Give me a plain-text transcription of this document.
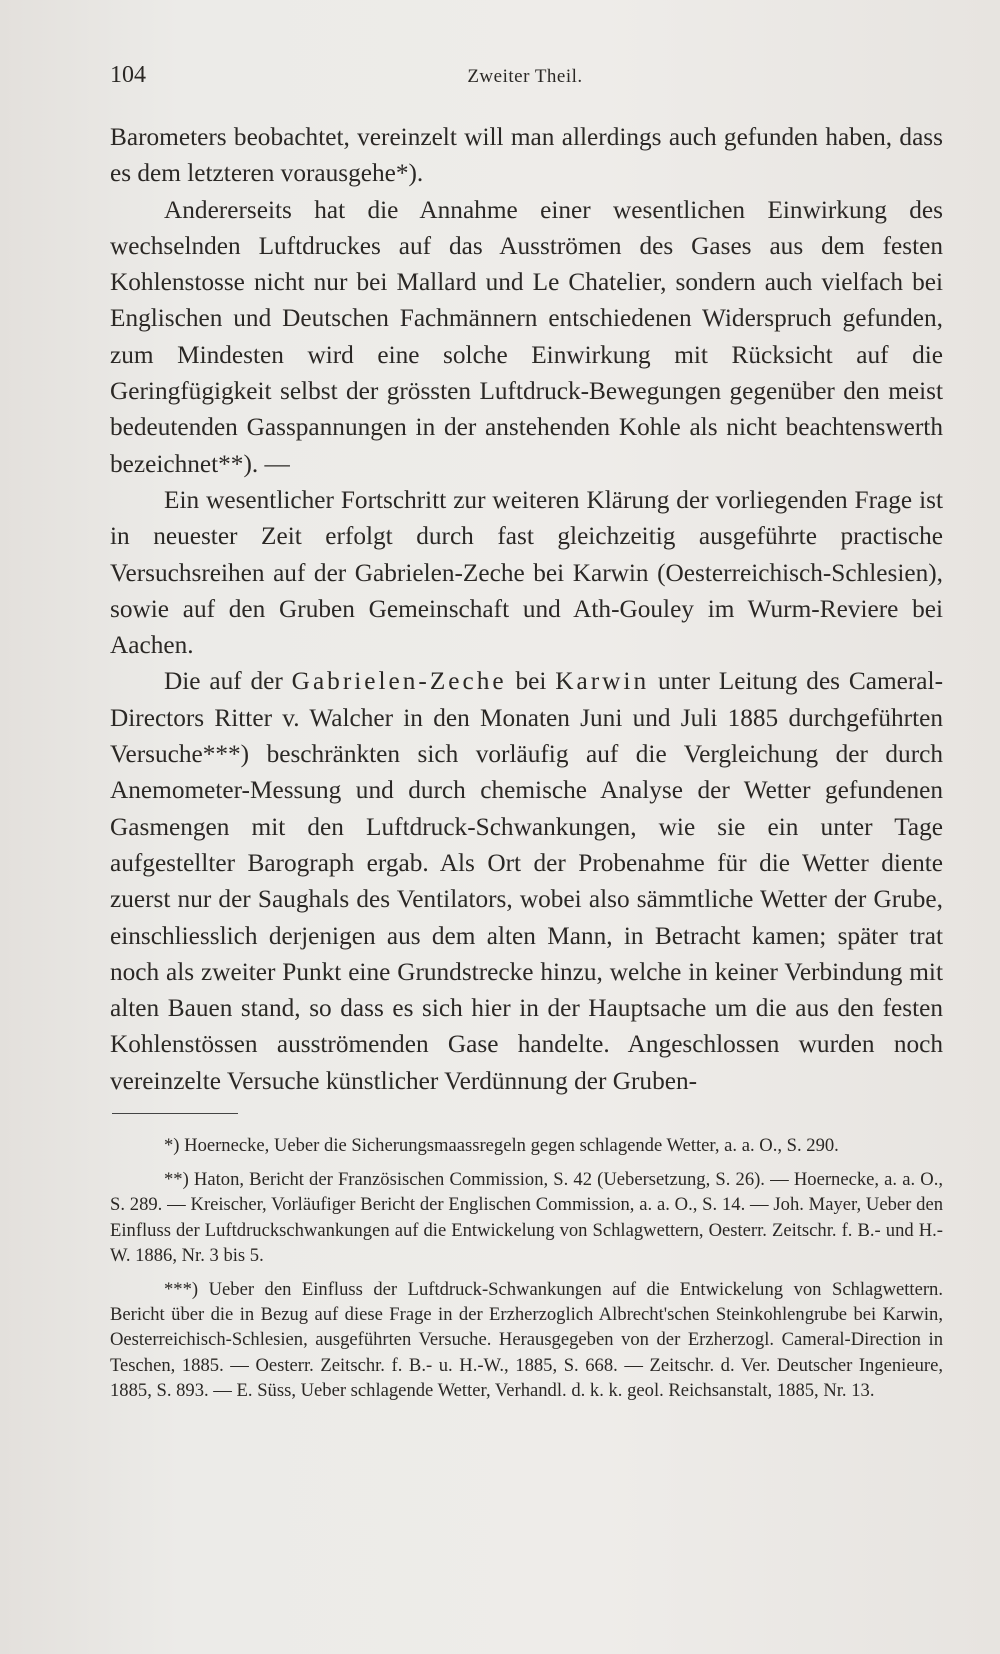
104	Zweiter Theil.

Barometers beobachtet, vereinzelt will man allerdings auch gefunden haben, dass es dem letzteren vorausgehe*).

Andererseits hat die Annahme einer wesentlichen Einwirkung des wechselnden Luftdruckes auf das Ausströmen des Gases aus dem festen Kohlenstosse nicht nur bei Mallard und Le Chatelier, sondern auch vielfach bei Englischen und Deutschen Fachmännern entschiedenen Widerspruch gefunden, zum Mindesten wird eine solche Einwirkung mit Rücksicht auf die Geringfügigkeit selbst der grössten Luftdruck-Bewegungen gegenüber den meist bedeutenden Gasspannungen in der anstehenden Kohle als nicht beachtenswerth bezeichnet**). —

Ein wesentlicher Fortschritt zur weiteren Klärung der vorliegenden Frage ist in neuester Zeit erfolgt durch fast gleichzeitig ausgeführte practische Versuchsreihen auf der Gabrielen-Zeche bei Karwin (Oesterreichisch-Schlesien), sowie auf den Gruben Gemeinschaft und Ath-Gouley im Wurm-Reviere bei Aachen.

Die auf der Gabrielen-Zeche bei Karwin unter Leitung des Cameral-Directors Ritter v. Walcher in den Monaten Juni und Juli 1885 durchgeführten Versuche***) beschränkten sich vorläufig auf die Vergleichung der durch Anemometer-Messung und durch chemische Analyse der Wetter gefundenen Gasmengen mit den Luftdruck-Schwankungen, wie sie ein unter Tage aufgestellter Barograph ergab. Als Ort der Probenahme für die Wetter diente zuerst nur der Saughals des Ventilators, wobei also sämmtliche Wetter der Grube, einschliesslich derjenigen aus dem alten Mann, in Betracht kamen; später trat noch als zweiter Punkt eine Grundstrecke hinzu, welche in keiner Verbindung mit alten Bauen stand, so dass es sich hier in der Hauptsache um die aus den festen Kohlenstössen ausströmenden Gase handelte. Angeschlossen wurden noch vereinzelte Versuche künstlicher Verdünnung der Gruben-

*) Hoernecke, Ueber die Sicherungsmaassregeln gegen schlagende Wetter, a. a. O., S. 290.

**) Haton, Bericht der Französischen Commission, S. 42 (Uebersetzung, S. 26). — Hoernecke, a. a. O., S. 289. — Kreischer, Vorläufiger Bericht der Englischen Commission, a. a. O., S. 14. — Joh. Mayer, Ueber den Einfluss der Luftdruckschwankungen auf die Entwickelung von Schlagwettern, Oesterr. Zeitschr. f. B.- und H.-W. 1886, Nr. 3 bis 5.

***) Ueber den Einfluss der Luftdruck-Schwankungen auf die Entwickelung von Schlagwettern. Bericht über die in Bezug auf diese Frage in der Erzherzoglich Albrecht'schen Steinkohlengrube bei Karwin, Oesterreichisch-Schlesien, ausgeführten Versuche. Herausgegeben von der Erzherzogl. Cameral-Direction in Teschen, 1885. — Oesterr. Zeitschr. f. B.- u. H.-W., 1885, S. 668. — Zeitschr. d. Ver. Deutscher Ingenieure, 1885, S. 893. — E. Süss, Ueber schlagende Wetter, Verhandl. d. k. k. geol. Reichsanstalt, 1885, Nr. 13.
